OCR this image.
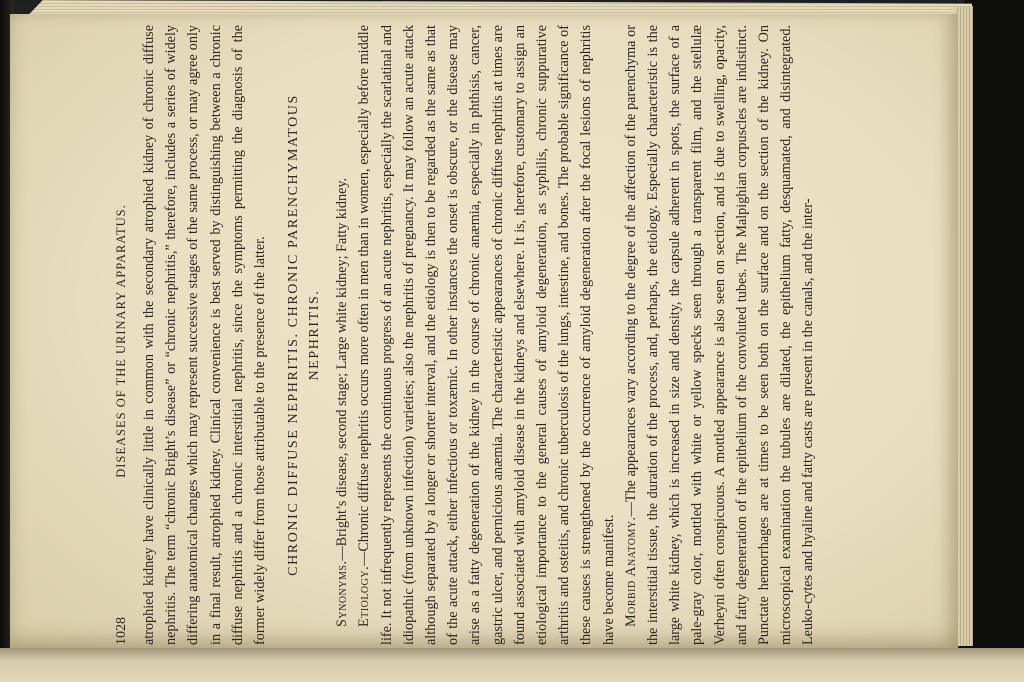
1028
DISEASES OF THE URINARY APPARATUS. atrophied kidney have clinically little in common with the secondary atrophied kidney of chronic diffuse nephritis. The term “chronic Bright’s disease” or “chronic nephritis,” therefore, includes a series of widely differing anatomical changes which may represent successive stages of the same process, or may agree only in a final result, atrophied kidney. Clinical convenience is best served by distinguishing between a chronic diffuse nephritis and a chronic interstitial nephritis, since the symptoms permitting the diagnosis of the former widely differ from those attributable to the presence of the latter. CHRONIC DIFFUSE NEPHRITIS. CHRONIC PARENCHYMATOUS NEPHRITIS.

Synonyms.—Bright’s disease, second stage; Large white kidney; Fatty kidney.

Etiology.—Chronic diffuse nephritis occurs more often in men than in women, especially before middle life. It not infrequently represents the continuous progress of an acute nephritis, especially the scarlatinal and idiopathic (from unknown infection) varieties; also the nephritis of pregnancy. It may follow an acute attack although separated by a longer or shorter interval, and the etiology is then to be regarded as the same as that of the acute attack, either infectious or toxæmic. In other instances the onset is obscure, or the disease may arise as a fatty degeneration of the kidney in the course of chronic anæmia, especially in phthisis, cancer, gastric ulcer, and pernicious anæmia. The characteristic appearances of chronic diffuse nephritis at times are found associated with amyloid disease in the kidneys and elsewhere. It is, therefore, customary to assign an etiological importance to the general causes of amyloid degeneration, as syphilis, chronic suppurative arthritis and osteitis, and chronic tuberculosis of the lungs, intestine, and bones. The probable significance of these causes is strengthened by the occurrence of amyloid degeneration after the focal lesions of nephritis have become manifest. Morbid Anatomy.—The appearances vary according to the degree of the affection of the parenchyma or the interstitial tissue, the duration of the process, and, perhaps, the etiology. Especially characteristic is the large white kidney, which is increased in size and density, the capsule adherent in spots, the surface of a pale-gray color, mottled with white or yellow specks seen through a transparent film, and the stellulæ Verheyni often conspicuous. A mottled appearance is also seen on section, and is due to swelling, opacity, and fatty degeneration of the epithelium of the convoluted tubes. The Malpighian corpuscles are indistinct. Punctate hemorrhages are at times to be seen both on the surface and on the section of the kidney. On microscopical examination the tubules are dilated, the epithelium fatty, desquamated, and disintegrated. Leuko-cytes and hyaline and fatty casts are present in the canals, and the inter-
